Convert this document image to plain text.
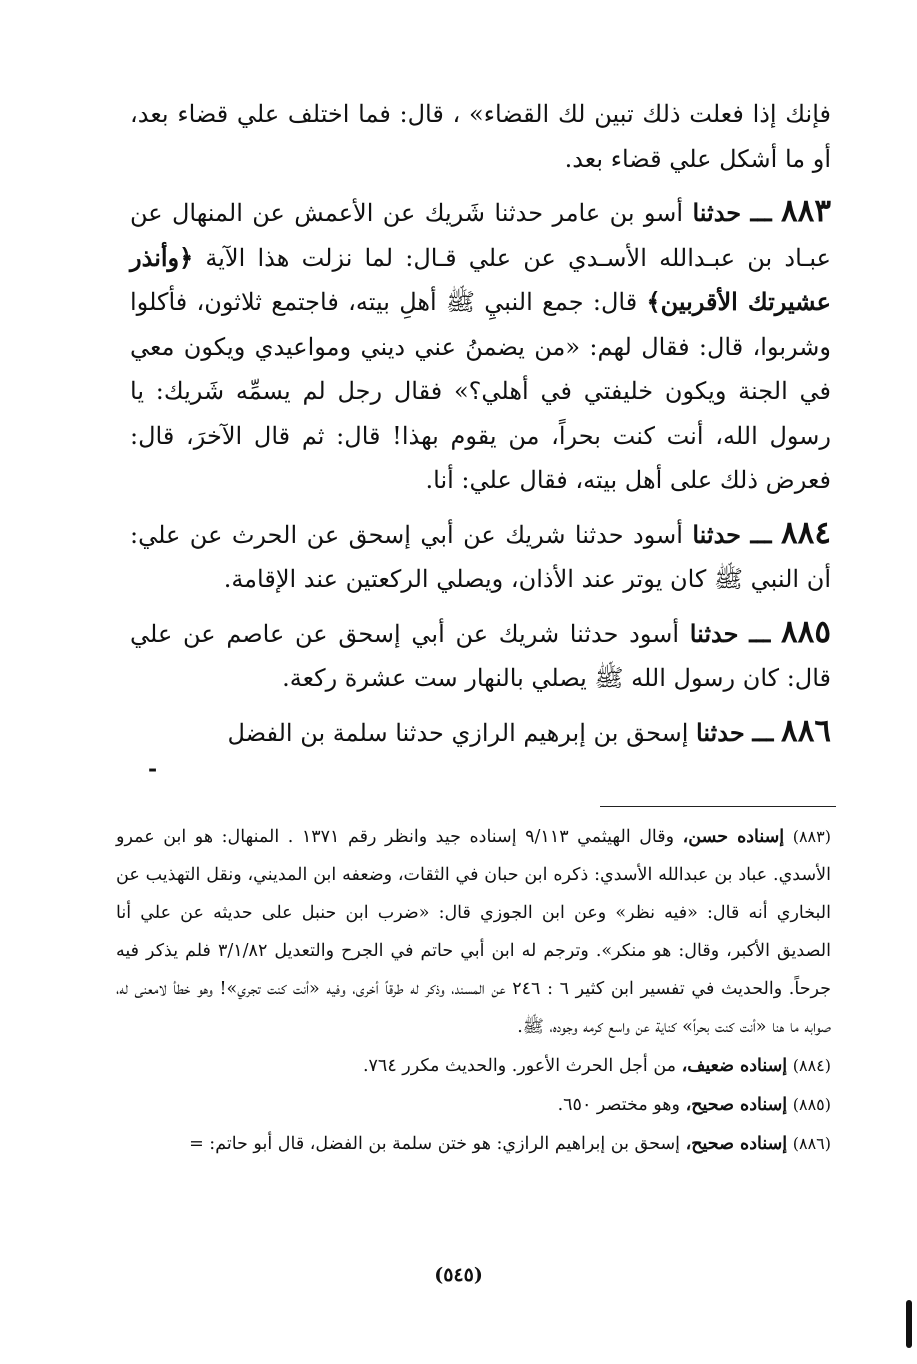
فإنك إذا فعلت ذلك تبين لك القضاء» ، قال: فما اختلف علي قضاء بعد، أو ما أشكل علي قضاء بعد.

٨٨٣ ـــ حدثنا أسو بن عامر حدثنا شَريك عن الأعمش عن المنهال عن عبـاد بن عبـدالله الأسـدي عن علي قـال: لما نزلت هذا الآية ﴿وأنذر عشيرتك الأقربين﴾ قال: جمع النبيِ ﷺ أهلِ بيته، فاجتمع ثلاثون، فأكلوا وشربوا، قال: فقال لهم: «من يضمنُ عني ديني ومواعيدي ويكون معي في الجنة ويكون خليفتي في أهلي؟» فقال رجل لم يسمِّه شَريك: يا رسول الله، أنت كنت بحراً، من يقوم بهذا! قال: ثم قال الآخرَ، قال: فعرض ذلك على أهل بيته، فقال علي: أنا.

٨٨٤ ـــ حدثنا أسود حدثنا شريك عن أبي إسحق عن الحرث عن علي: أن النبي ﷺ كان يوتر عند الأذان، ويصلي الركعتين عند الإقامة.

٨٨٥ ـــ حدثنا أسود حدثنا شريك عن أبي إسحق عن عاصم عن علي قال: كان رسول الله ﷺ يصلي بالنهار ست عشرة ركعة.

٨٨٦ ـــ حدثنا إسحق بن إبرهيم الرازي حدثنا سلمة بن الفضل

-

(٨٨٣) إسناده حسن، وقال الهيثمي ٩/١١٣ إسناده جيد وانظر رقم ١٣٧١ . المنهال: هو ابن عمرو الأسدي. عباد بن عبدالله الأسدي: ذكره ابن حبان في الثقات، وضعفه ابن المديني، ونقل التهذيب عن البخاري أنه قال: «فيه نظر» وعن ابن الجوزي قال: «ضرب ابن حنبل على حديثه عن علي أنا الصديق الأكبر، وقال: هو منكر». وترجم له ابن أبي حاتم في الجرح والتعديل ٣/١/٨٢ فلم يذكر فيه جرحاً. والحديث في تفسير ابن كثير ٦ : ٢٤٦ عن المسند، وذكر له طرقاً أخرى، وفيه «أنت كنت تجري»! وهو خطأ لامعنى له، صوابه ما هنا «أنت كنت بحراً» كناية عن واسع كرمه وجوده، ﷺ.

(٨٨٤) إسناده ضعيف، من أجل الحرث الأعور. والحديث مكرر ٧٦٤.

(٨٨٥) إسناده صحيح، وهو مختصر ٦٥٠.

(٨٨٦) إسناده صحيح، إسحق بن إبراهيم الرازي: هو ختن سلمة بن الفضل، قال أبو حاتم: =

(٥٤٥)
